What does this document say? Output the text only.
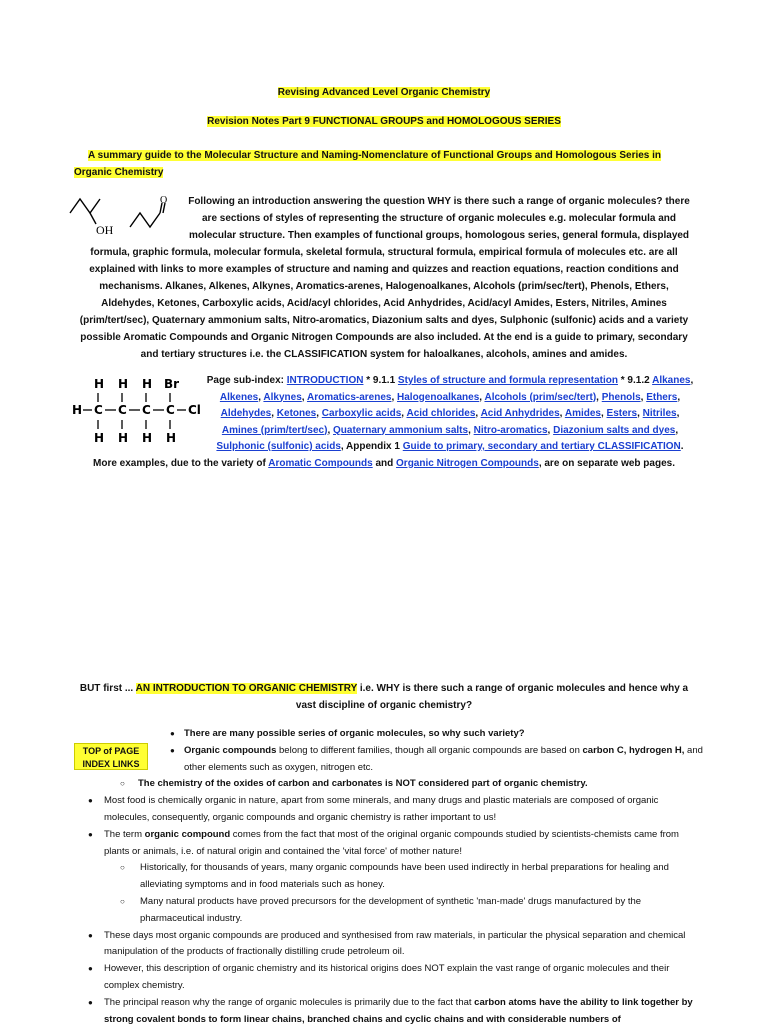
Revising Advanced Level Organic Chemistry
Revision Notes Part 9 FUNCTIONAL GROUPS and HOMOLOGOUS SERIES
A summary guide to the Molecular Structure and Naming-Nomenclature of Functional Groups and Homologous Series in Organic Chemistry
OH
O	Following an introduction answering the question WHY is there such a range of organic molecules? there are sections of styles of representing the structure of organic molecules e.g. molecular formula and molecular structure. Then examples of functional groups, homologous series, general formula, displayed formula, graphic formula, molecular formula, skeletal formula, structural formula, empirical formula of molecules etc. are all explained with links to more examples of structure and naming and quizzes and reaction equations, reaction conditions and mechanisms. Alkanes, Alkenes, Alkynes, Aromatics-arenes, Halogenoalkanes, Alcohols (prim/sec/tert), Phenols, Ethers, Aldehydes, Ketones, Carboxylic acids, Acid/acyl chlorides, Acid Anhydrides, Acid/acyl Amides, Esters, Nitriles, Amines (prim/tert/sec), Quaternary ammonium salts, Nitro-aromatics, Diazonium salts and dyes, Sulphonic (sulfonic) acids and a variety possible Aromatic Compounds and Organic Nitrogen Compounds are also included. At the end is a guide to primary, secondary and tertiary structures i.e. the CLASSIFICATION system for haloalkanes, alcohols, amines and amides.
H H H Br
H C C C C Cl
H H H H
Page sub-index: INTRODUCTION * 9.1.1 Styles of structure and formula representation * 9.1.2 Alkanes, Alkenes, Alkynes, Aromatics-arenes, Halogenoalkanes, Alcohols (prim/sec/tert), Phenols, Ethers, Aldehydes, Ketones, Carboxylic acids, Acid chlorides, Acid Anhydrides, Amides, Esters, Nitriles, Amines (prim/tert/sec), Quaternary ammonium salts, Nitro-aromatics, Diazonium salts and dyes, Sulphonic (sulfonic) acids, Appendix 1 Guide to primary, secondary and tertiary CLASSIFICATION. More examples, due to the variety of Aromatic Compounds and Organic Nitrogen Compounds, are on separate web pages.
BUT first ... AN INTRODUCTION TO ORGANIC CHEMISTRY i.e. WHY is there such a range of organic molecules and hence why a vast discipline of organic chemistry?
● There are many possible series of organic molecules, so why such variety?
● Organic compounds belong to different families, though all organic compounds are based on carbon C, hydrogen H, and other elements such as oxygen, nitrogen etc.
○ The chemistry of the oxides of carbon and carbonates is NOT considered part of organic chemistry.
● Most food is chemically organic in nature, apart from some minerals, and many drugs and plastic materials are composed of organic molecules, consequently, organic compounds and organic chemistry is rather important to us!
● The term organic compound comes from the fact that most of the original organic compounds studied by scientists-chemists came from plants or animals, i.e. of natural origin and contained the 'vital force' of mother nature!
○ Historically, for thousands of years, many organic compounds have been used indirectly in herbal preparations for healing and alleviating symptoms and in food materials such as honey.
○ Many natural products have proved precursors for the development of synthetic 'man-made' drugs manufactured by the pharmaceutical industry.
● These days most organic compounds are produced and synthesised from raw materials, in particular the physical separation and chemical manipulation of the products of fractionally distilling crude petroleum oil.
● However, this description of organic chemistry and its historical origins does NOT explain the vast range of organic molecules and their complex chemistry.
● The principal reason why the range of organic molecules is primarily due to the fact that carbon atoms have the ability to link together by strong covalent bonds to form linear chains, branched chains and cyclic chains and with considerable numbers of
TOP of PAGE INDEX LINKS
